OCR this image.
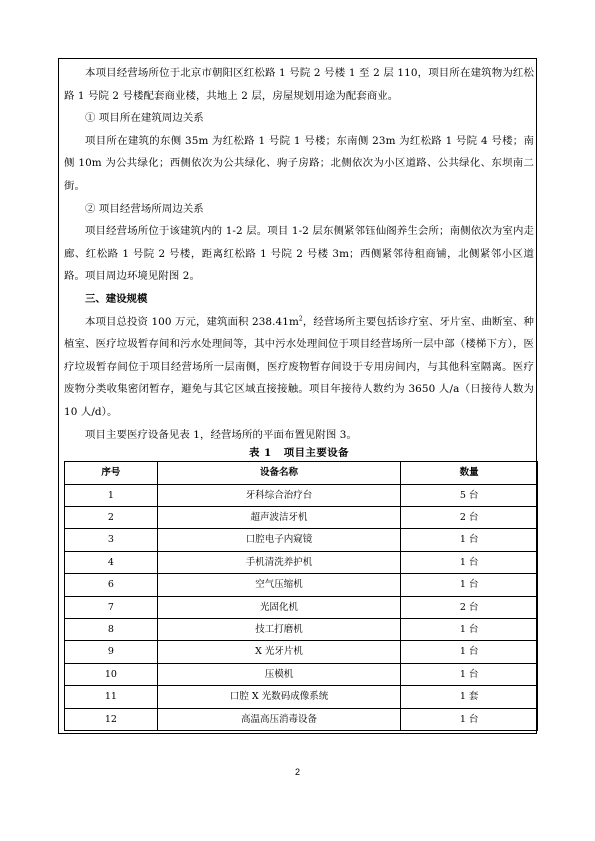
本项目经营场所位于北京市朝阳区红松路 1 号院 2 号楼 1 至 2 层 110，项目所在建筑物为红松路 1 号院 2 号楼配套商业楼，共地上 2 层，房屋规划用途为配套商业。

① 项目所在建筑周边关系

项目所在建筑的东侧 35m 为红松路 1 号院 1 号楼；东南侧 23m 为红松路 1 号院 4 号楼；南侧 10m 为公共绿化；西侧依次为公共绿化、驹子房路；北侧依次为小区道路、公共绿化、东坝南二街。

② 项目经营场所周边关系

项目经营场所位于该建筑内的 1-2 层。项目 1-2 层东侧紧邻钰仙阁养生会所；南侧依次为室内走廊、红松路 1 号院 2 号楼，距离红松路 1 号院 2 号楼 3m；西侧紧邻待租商铺，北侧紧邻小区道路。项目周边环境见附图 2。

三、建设规模

本项目总投资 100 万元，建筑面积 $238.41m^2$，经营场所主要包括诊疗室、牙片室、曲断室、种植室、医疗垃圾暂存间和污水处理间等，其中污水处理间位于项目经营场所一层中部（楼梯下方），医疗垃圾暂存间位于项目经营场所一层南侧，医疗废物暂存间设于专用房间内，与其他科室隔离。医疗废物分类收集密闭暂存，避免与其它区域直接接触。项目年接待人数约为 3650 人/a（日接待人数为 10 人/d）。

项目主要医疗设备见表 1，经营场所的平面布置见附图 3。

表 1 项目主要设备

序号	设备名称	数量
1	牙科综合治疗台	5 台
2	超声波洁牙机	2 台
3	口腔电子内窥镜	1 台
4	手机清洗养护机	1 台
6	空气压缩机	1 台
7	光固化机	2 台
8	技工打磨机	1 台
9	X 光牙片机	1 台
10	压模机	1 台
11	口腔 X 光数码成像系统	1 套
12	高温高压消毒设备	1 台
2
